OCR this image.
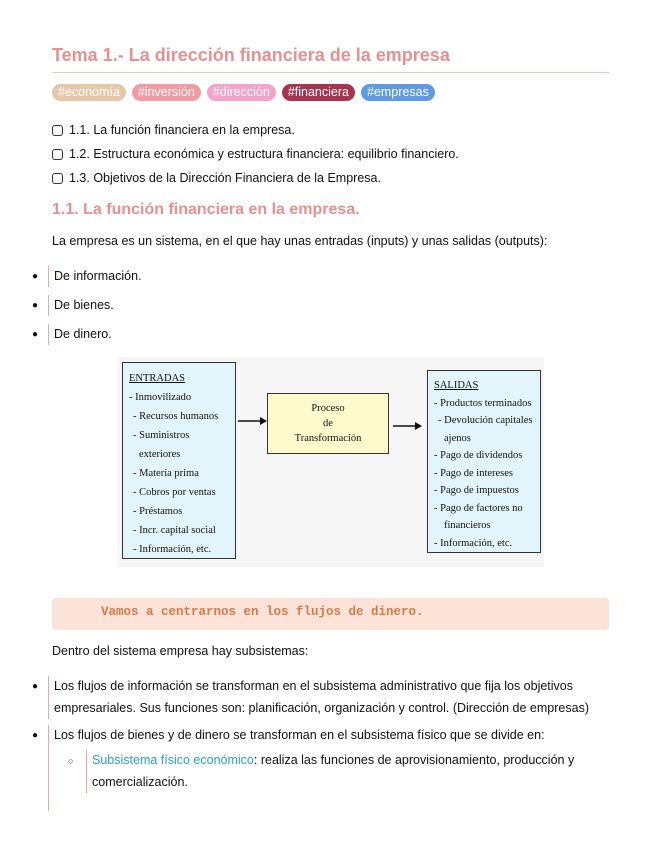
Tema 1.- La dirección financiera de la empresa
#economía	#inversión	#dirección	#financiera	#empresas
1.1. La función financiera en la empresa.
1.2. Estructura económica y estructura financiera: equilibrio financiero.
1.3. Objetivos de la Dirección Financiera de la Empresa.
1.1. La función financiera en la empresa.
La empresa es un sistema, en el que hay unas entradas (inputs) y unas salidas (outputs):
●	De información.
●	De bienes.
●	De dinero.
ENTRADAS
- Inmovilizado
- Recursos humanos
- Suministros
exteriores
- Materia prima
- Cobros por ventas
- Préstamos
- Incr. capital social
- Información, etc.
Proceso
de
Transformación
SALIDAS
- Productos terminados
- Devolución capitales
ajenos
- Pago de dividendos
- Pago de intereses
- Pago de impuestos
- Pago de factores no
financieros
- Información, etc.
Vamos a centrarnos en los flujos de dinero.
Dentro del sistema empresa hay subsistemas:
●	Los flujos de información se transforman en el subsistema administrativo que fija los objetivos
empresariales. Sus funciones son: planificación, organización y control. (Dirección de empresas)
●	Los flujos de bienes y de dinero se transforman en el subsistema físico que se divide en:
○	Subsistema físico económico: realiza las funciones de aprovisionamiento, producción y
comercialización.
